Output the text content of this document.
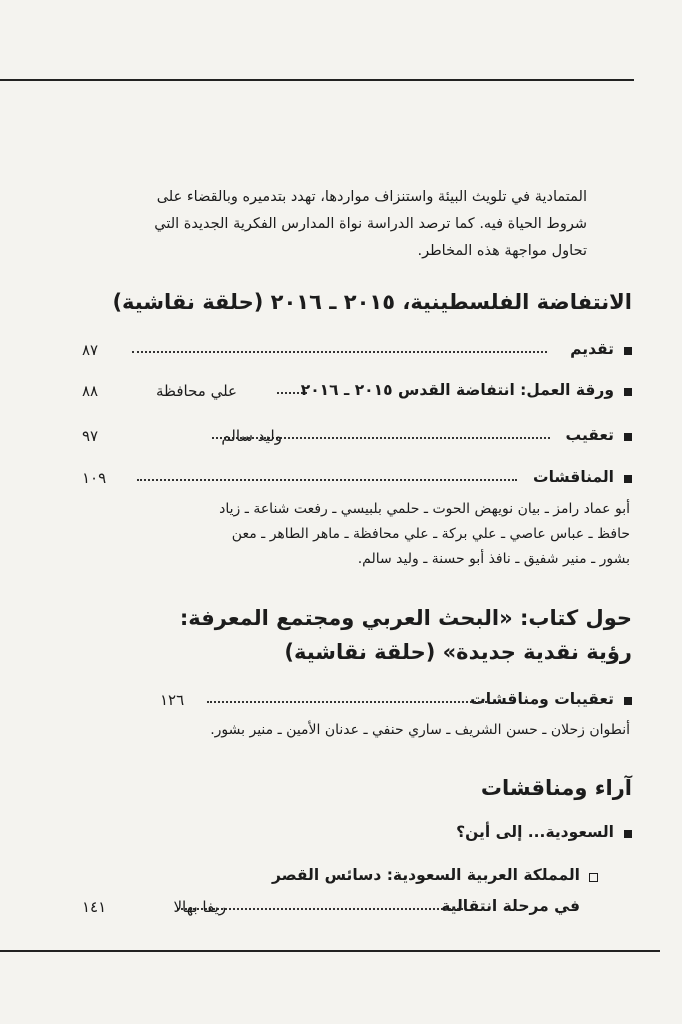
المتمادية في تلويث البيئة واستنزاف مواردها، تهدد بتدميره وبالقضاء على

شروط الحياة فيه. كما ترصد الدراسة نواة المدارس الفكرية الجديدة التي

تحاول مواجهة هذه المخاطر.

الانتفاضة الفلسطينية، ٢٠١٥ ـ ٢٠١٦ (حلقة نقاشية)
تقديم
٨٧
ورقة العمل: انتفاضة القدس ٢٠١٥ ـ ٢٠١٦
علي محافظة
٨٨
تعقيب
وليد سالم
٩٧
المناقشات
١٠٩

أبو عماد رامز ـ بيان نويهض الحوت ـ حلمي بلبيسي ـ رفعت شناعة ـ زياد

حافظ ـ عباس عاصي ـ علي بركة ـ علي محافظة ـ ماهر الطاهر ـ معن

بشور ـ منير شفيق ـ نافذ أبو حسنة ـ وليد سالم.

حول كتاب: «البحث العربي ومجتمع المعرفة:
رؤية نقدية جديدة» (حلقة نقاشية)
تعقيبات ومناقشات
١٢٦

أنطوان زحلان ـ حسن الشريف ـ ساري حنفي ـ عدنان الأمين ـ منير بشور.

آراء ومناقشات
السعودية... إلى أين؟
المملكة العربية السعودية: دسائس القصر
في مرحلة انتقالية
ريفا بهالا
١٤١
